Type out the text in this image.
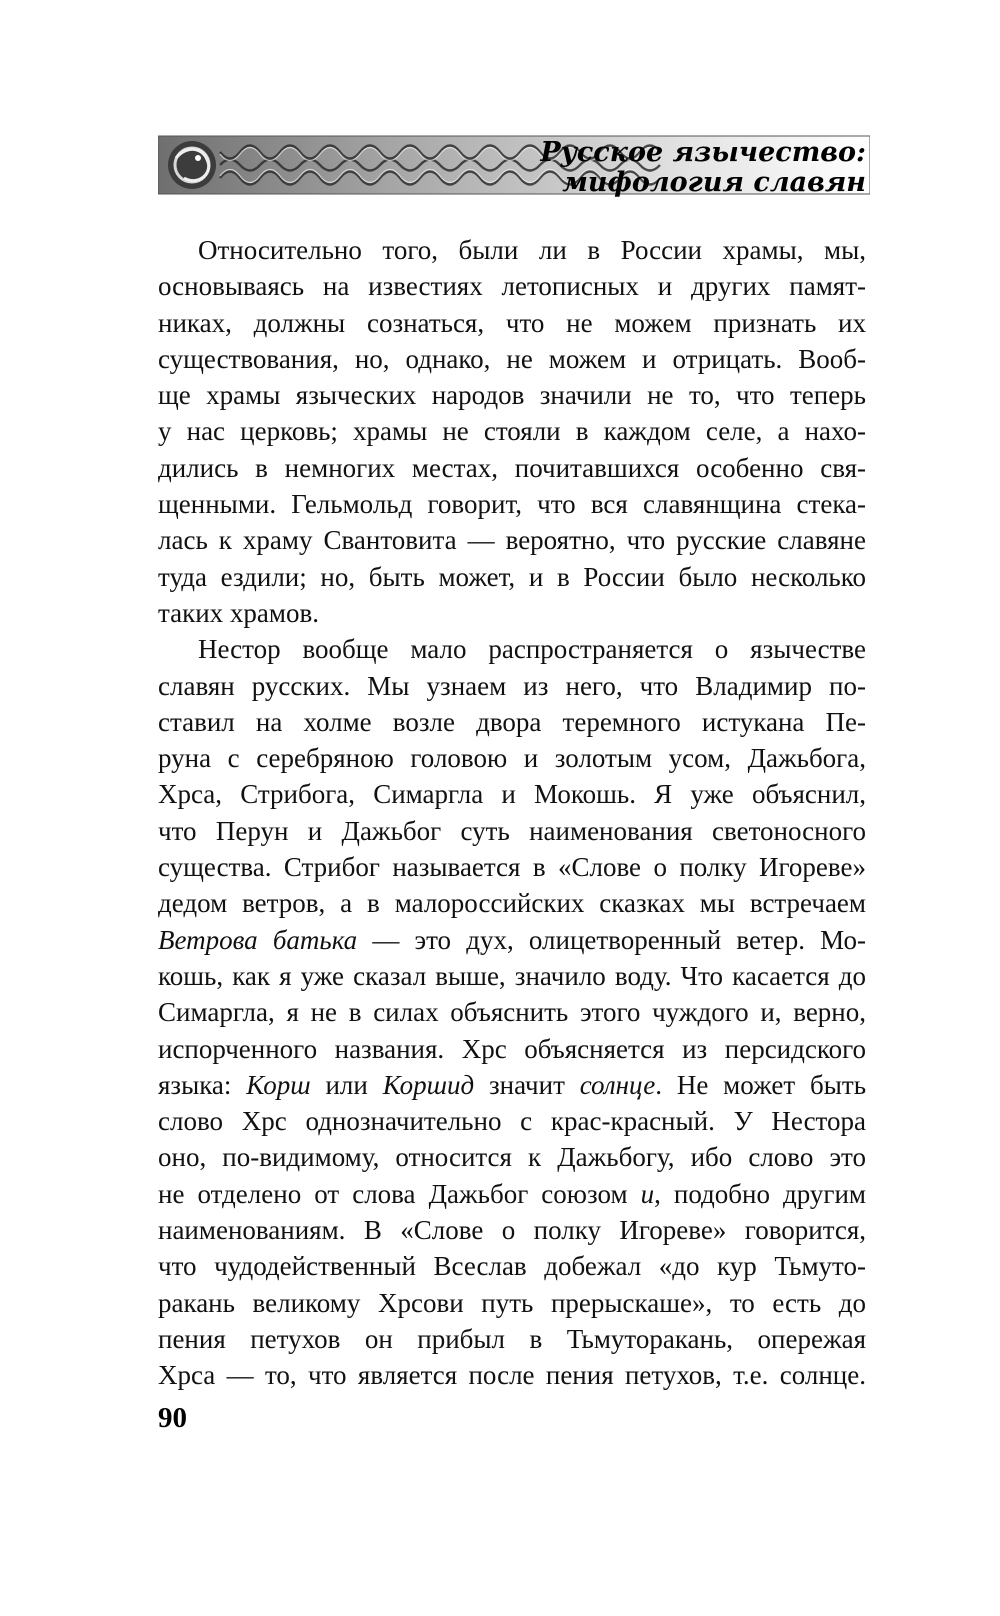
Русское язычество:
мифология славян
Относительно того, были ли в России храмы, мы,
основываясь на известиях летописных и других памят-
никах, должны сознаться, что не можем признать их
существования, но, однако, не можем и отрицать. Вооб-
ще храмы языческих народов значили не то, что теперь
у нас церковь; храмы не стояли в каждом селе, а нахо-
дились в немногих местах, почитавшихся особенно свя-
щенными. Гельмольд говорит, что вся славянщина стека-
лась к храму Свантовита — вероятно, что русские славяне
туда ездили; но, быть может, и в России было несколько
таких храмов.
Нестор вообще мало распространяется о язычестве
славян русских. Мы узнаем из него, что Владимир по-
ставил на холме возле двора теремного истукана Пе-
руна с серебряною головою и золотым усом, Дажьбога,
Хрса, Стрибога, Симаргла и Мокошь. Я уже объяснил,
что Перун и Дажьбог суть наименования светоносного
существа. Стрибог называется в «Слове о полку Игореве»
дедом ветров, а в малороссийских сказках мы встречаем
Ветрова батька — это дух, олицетворенный ветер. Мо-
кошь, как я уже сказал выше, значило воду. Что касается до
Симаргла, я не в силах объяснить этого чуждого и, верно,
испорченного названия. Хрс объясняется из персидского
языка: Корш или Коршид значит солнце. Не может быть
слово Хрс однозначительно с крас-красный. У Нестора
оно, по-видимому, относится к Дажьбогу, ибо слово это
не отделено от слова Дажьбог союзом и, подобно другим
наименованиям. В «Слове о полку Игореве» говорится,
что чудодейственный Всеслав добежал «до кур Тьмуто-
ракань великому Хрсови путь прерыскаше», то есть до
пения петухов он прибыл в Тьмуторакань, опережая
Хрса — то, что является после пения петухов, т.е. солнце.
90
